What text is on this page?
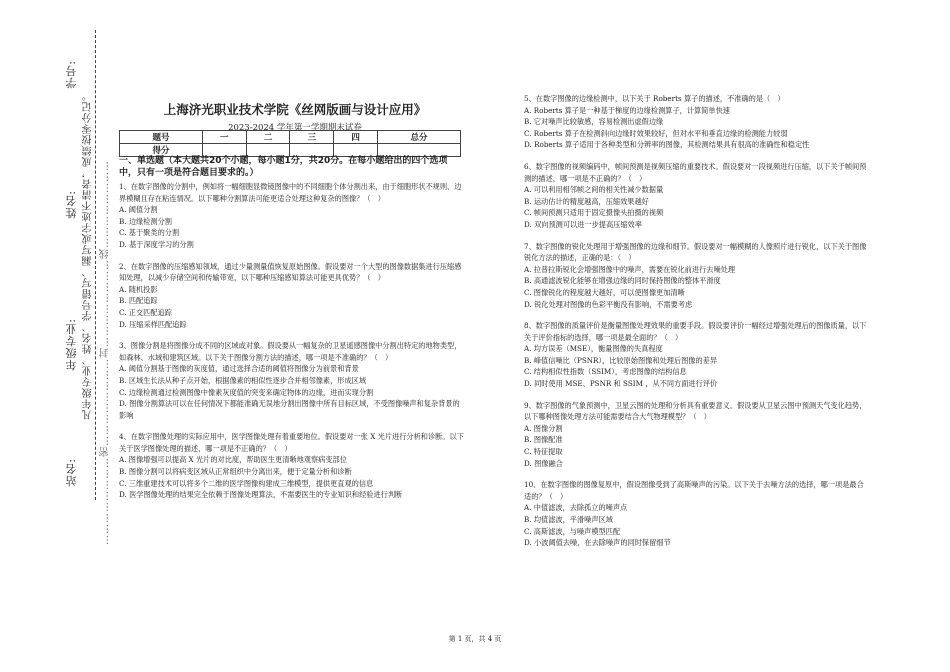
学号:
姓名:
年级专业: 凡年级专业、姓名、学号错写、漏写或字迹不清者，成绩按零分记。 ……………………密……………………封……………………线……………………
站名:
上海济光职业技术学院《丝网版画与设计应用》
2023-2024 学年第一学期期末试卷
题号	一	二	三	四	总分
得分					
一、单选题（本大题共20个小题，每小题1分，共20分。在每小题给出的四个选项中，只有一项是符合题目要求的。）
1、在数字图像的分割中，例如将一幅细胞显微镜图像中的不同细胞个体分割出来，由于细胞形状不规则、边界模糊且存在粘连情况。以下哪种分割算法可能更适合处理这种复杂的图像？（　）
A. 阈值分割
B. 边缘检测分割
C. 基于聚类的分割
D. 基于深度学习的分割
2、在数字图像的压缩感知领域，通过少量测量值恢复原始图像。假设要对一个大型的图像数据集进行压缩感知处理，以减少存储空间和传输带宽，以下哪种压缩感知算法可能更具优势？（　）
A. 随机投影
B. 匹配追踪
C. 正交匹配追踪
D. 压缩采样匹配追踪
3、图像分割是将图像分成不同的区域或对象。假设要从一幅复杂的卫星遥感图像中分割出特定的地物类型，如森林、水域和建筑区域。以下关于图像分割方法的描述，哪一项是不准确的？（　）
A. 阈值分割基于图像的灰度值，通过选择合适的阈值将图像分为前景和背景
B. 区域生长法从种子点开始，根据像素的相似性逐步合并相邻像素，形成区域
C. 边缘检测通过检测图像中像素灰度值的突变来确定物体的边缘，进而实现分割
D. 图像分割算法可以在任何情况下都能准确无误地分割出图像中所有目标区域，不受图像噪声和复杂背景的影响
4、在数字图像处理的实际应用中，医学图像处理有着重要地位。假设要对一张 X 光片进行分析和诊断。以下关于医学图像处理的描述，哪一项是不正确的？（　）
A. 图像增强可以提高 X 光片的对比度，帮助医生更清晰地观察病变部位
B. 图像分割可以将病变区域从正常组织中分离出来，便于定量分析和诊断
C. 三维重建技术可以将多个二维的医学图像构建成三维模型，提供更直观的信息
D. 医学图像处理的结果完全依赖于图像处理算法，不需要医生的专业知识和经验进行判断
5、在数字图像的边缘检测中，以下关于 Roberts 算子的描述，不准确的是（　）
A. Roberts 算子是一种基于梯度的边缘检测算子，计算简单快速
B. 它对噪声比较敏感，容易检测出虚假边缘
C. Roberts 算子在检测斜向边缘时效果较好，但对水平和垂直边缘的检测能力较弱
D. Roberts 算子适用于各种类型和分辨率的图像，其检测结果具有很高的准确性和稳定性
6、数字图像的视频编码中，帧间预测是视频压缩的重要技术。假设要对一段视频进行压缩，以下关于帧间预测的描述，哪一项是不正确的？（　）
A. 可以利用相邻帧之间的相关性减少数据量
B. 运动估计的精度越高，压缩效果越好
C. 帧间预测只适用于固定摄像头拍摄的视频
D. 双向预测可以进一步提高压缩效率
7、数字图像的锐化处理用于增强图像的边缘和细节。假设要对一幅模糊的人像照片进行锐化，以下关于图像锐化方法的描述，正确的是：（　）
A. 拉普拉斯锐化会增强图像中的噪声，需要在锐化前进行去噪处理
B. 高通滤波锐化能够在增强边缘的同时保持图像的整体平滑度
C. 图像锐化的程度越大越好，可以使图像更加清晰
D. 锐化处理对图像的色彩平衡没有影响，不需要考虑
8、数字图像的质量评价是衡量图像处理效果的重要手段。假设要评价一幅经过增强处理后的图像质量，以下关于评价指标的选择，哪一项是最全面的？（　）
A. 均方误差（MSE），衡量图像的失真程度
B. 峰值信噪比（PSNR），比较原始图像和处理后图像的差异
C. 结构相似性指数（SSIM），考虑图像的结构信息
D. 同时使用 MSE、PSNR 和 SSIM ，从不同方面进行评价
9、数字图像的气象预测中，卫星云图的处理和分析具有重要意义。假设要从卫星云图中预测天气变化趋势，以下哪种图像处理方法可能需要结合大气物理模型？（　）
A. 图像分割
B. 图像配准
C. 特征提取
D. 图像融合
10、在数字图像的图像复原中，假设图像受到了高斯噪声的污染。以下关于去噪方法的选择，哪一项是最合适的？（　）
A. 中值滤波，去除孤立的噪声点
B. 均值滤波，平滑噪声区域
C. 高斯滤波，与噪声模型匹配
D. 小波阈值去噪，在去除噪声的同时保留细节
第 1 页，共 4 页
